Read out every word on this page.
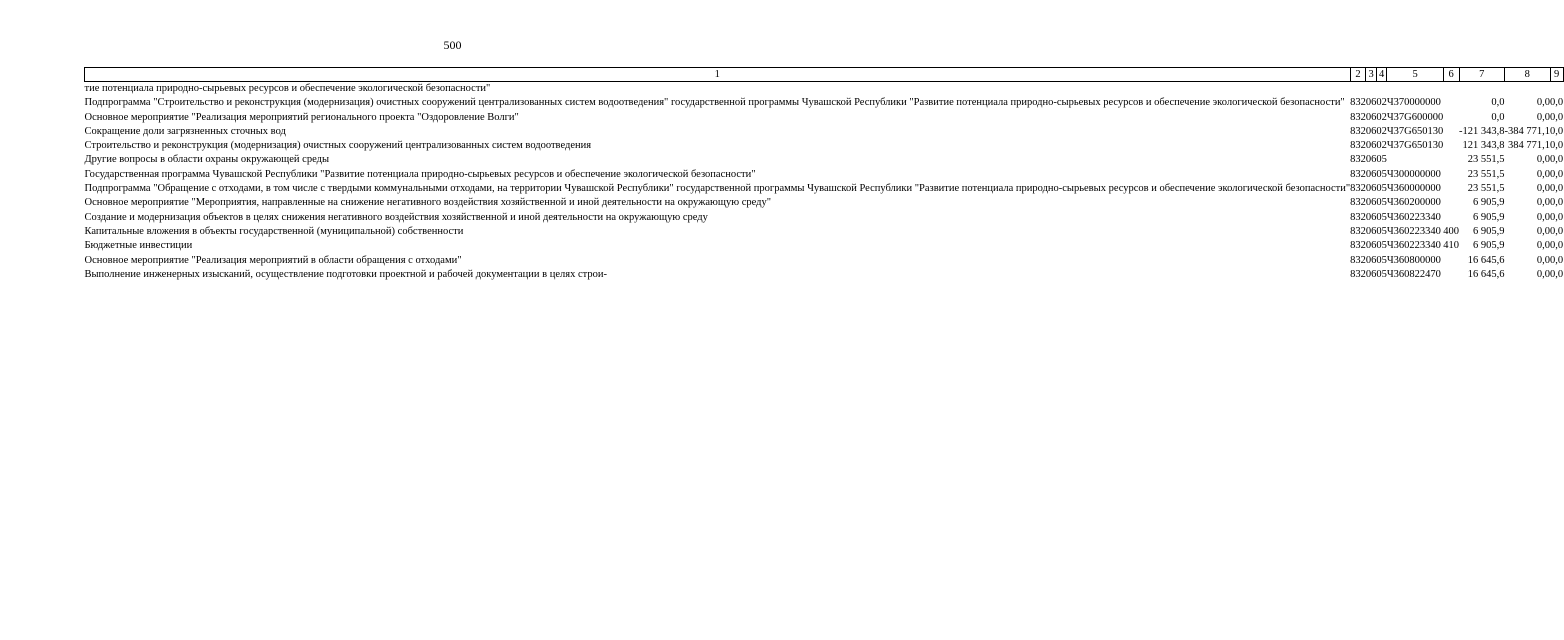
500
1	2	3	4	5	6	7	8	9
тие потенциала природно-сырьевых ресурсов и обеспечение экологической безопасности"								
Подпрограмма "Строительство и реконструкция (модернизация) очистных сооружений централизованных систем водоотведения" государственной программы Чувашской Республики "Развитие потенциала природно-сырьевых ресурсов и обеспечение экологической безопасности"	832	06	02	Ч370000000		0,0	0,0	0,0
Основное мероприятие "Реализация мероприятий регионального проекта "Оздоровление Волги"	832	06	02	Ч37G600000		0,0	0,0	0,0
Сокращение доли загрязненных сточных вод	832	06	02	Ч37G650130		-121 343,8	-384 771,1	0,0
Строительство и реконструкция (модернизация) очистных сооружений централизованных систем водоотведения	832	06	02	Ч37G650130		121 343,8	384 771,1	0,0
Другие вопросы в области охраны окружающей среды	832	06	05			23 551,5	0,0	0,0
Государственная программа Чувашской Республики "Развитие потенциала природно-сырьевых ресурсов и обеспечение экологической безопасности"	832	06	05	Ч300000000		23 551,5	0,0	0,0
Подпрограмма "Обращение с отходами, в том числе с твердыми коммунальными отходами, на территории Чувашской Республики" государственной программы Чувашской Республики "Развитие потенциала природно-сырьевых ресурсов и обеспечение экологической безопасности"	832	06	05	Ч360000000		23 551,5	0,0	0,0
Основное мероприятие "Мероприятия, направленные на снижение негативного воздействия хозяйственной и иной деятельности на окружающую среду"	832	06	05	Ч360200000		6 905,9	0,0	0,0
Создание и модернизация объектов в целях снижения негативного воздействия хозяйственной и иной деятельности на окружающую среду	832	06	05	Ч360223340		6 905,9	0,0	0,0
Капитальные вложения в объекты государственной (муниципальной) собственности	832	06	05	Ч360223340	400	6 905,9	0,0	0,0
Бюджетные инвестиции	832	06	05	Ч360223340	410	6 905,9	0,0	0,0
Основное мероприятие "Реализация мероприятий в области обращения с отходами"	832	06	05	Ч360800000		16 645,6	0,0	0,0
Выполнение инженерных изысканий, осуществление подготовки проектной и рабочей документации в целях строи-	832	06	05	Ч360822470		16 645,6	0,0	0,0
